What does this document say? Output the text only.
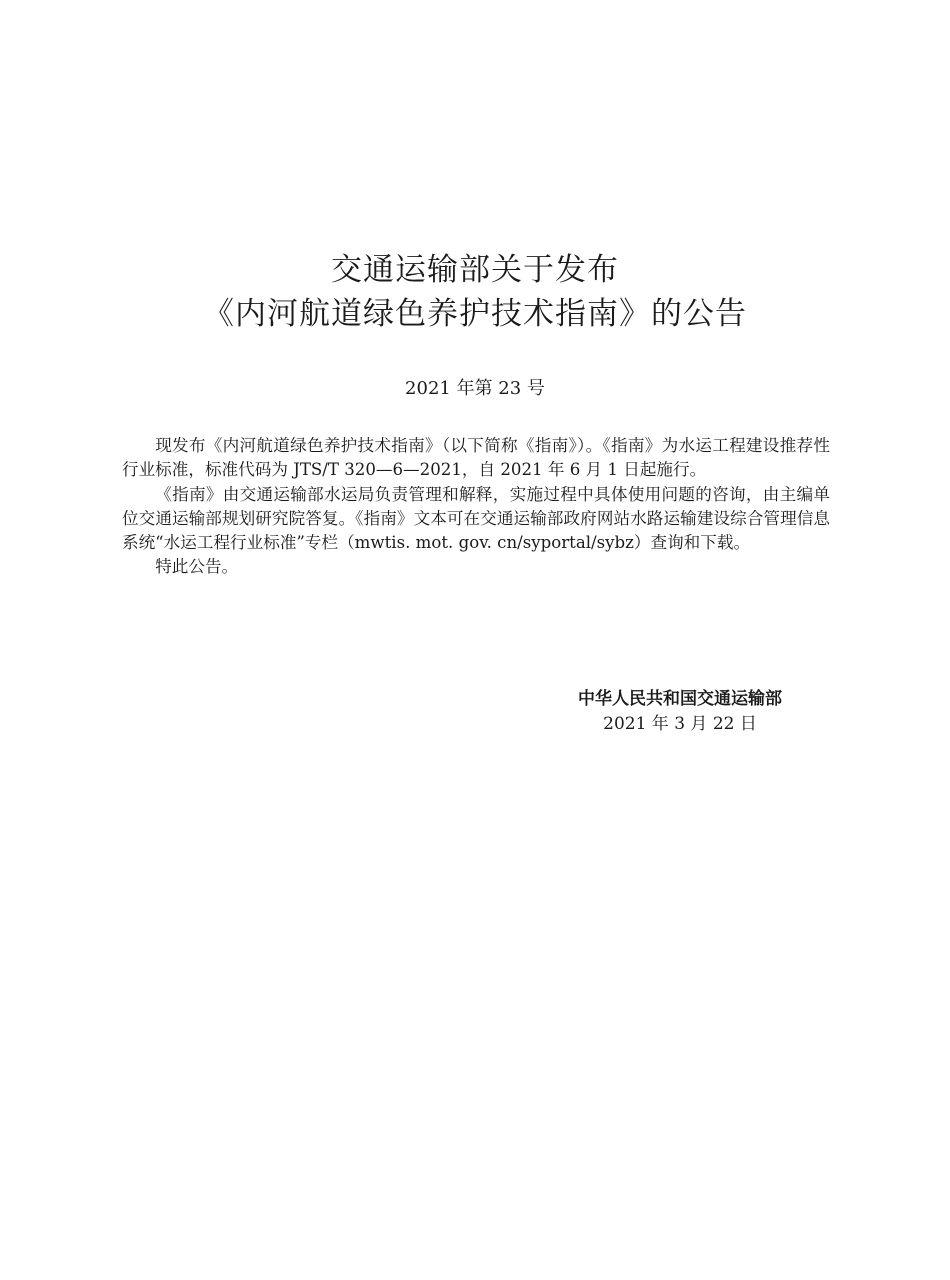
交通运输部关于发布
《内河航道绿色养护技术指南》的公告
2021 年第 23 号

现发布《内河航道绿色养护技术指南》（以下简称《指南》）。《指南》为水运工程建设推荐性行业标准，标准代码为 JTS/T 320—6—2021，自 2021 年 6 月 1 日起施行。

《指南》由交通运输部水运局负责管理和解释，实施过程中具体使用问题的咨询，由主编单位交通运输部规划研究院答复。《指南》文本可在交通运输部政府网站水路运输建设综合管理信息系统“水运工程行业标准”专栏（mwtis. mot. gov. cn/syportal/sybz）查询和下载。

特此公告。

中华人民共和国交通运输部
2021 年 3 月 22 日
